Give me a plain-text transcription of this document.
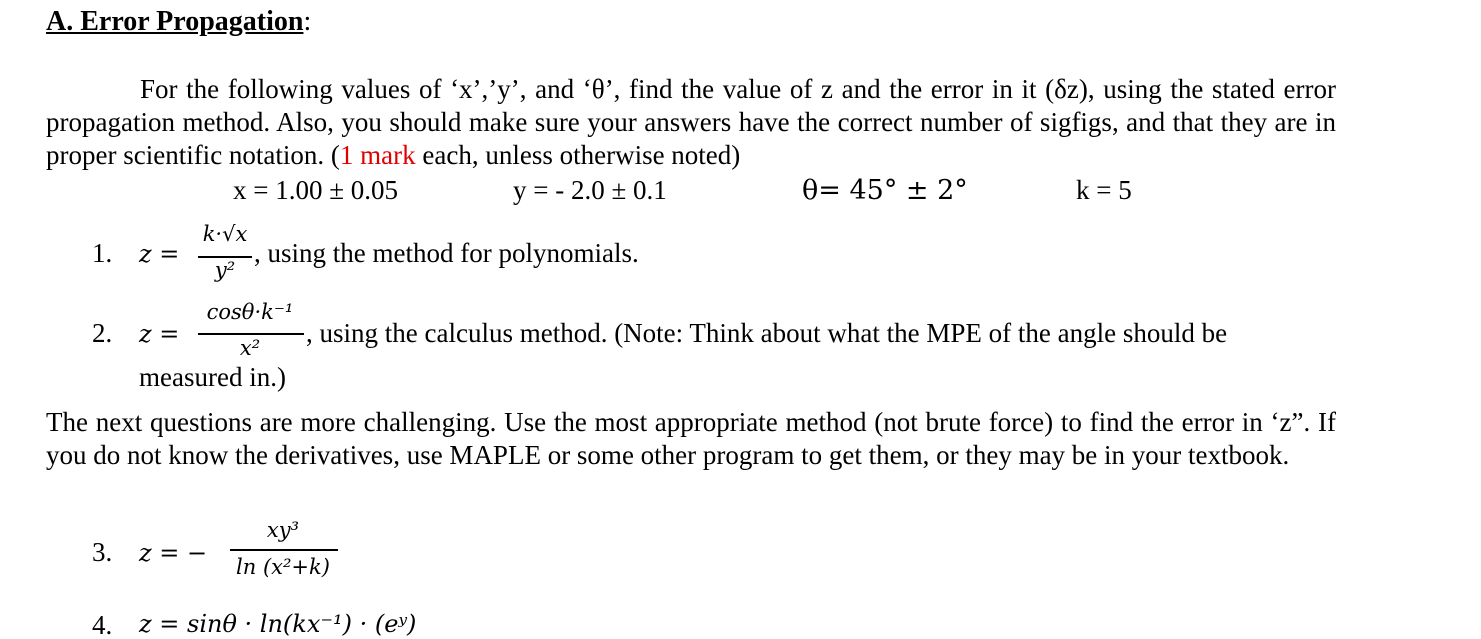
A. Error Propagation:
For the following values of ‘x’,’y’, and ‘θ’, find the value of z and the error in it (δz), using the stated error propagation method. Also, you should make sure your answers have the correct number of sigfigs, and that they are in proper scientific notation. (1 mark each, unless otherwise noted)
x = 1.00 ± 0.05	y = - 2.0 ± 0.1	θ= 45° ± 2°	k = 5
1. z =
k·√x
y²
, using the method for polynomials.
2. z =
cosθ·k⁻¹
x²	, using the calculus method. (Note: Think about what the MPE of the angle should be
measured in.)
The next questions are more challenging. Use the most appropriate method (not brute force) to find the error in ‘z”. If you do not know the derivatives, use MAPLE or some other program to get them, or they may be in your textbook.
3. z = −
xy³
ln (x²+k)
4. z = sinθ · ln(kx⁻¹) · (eʸ)
